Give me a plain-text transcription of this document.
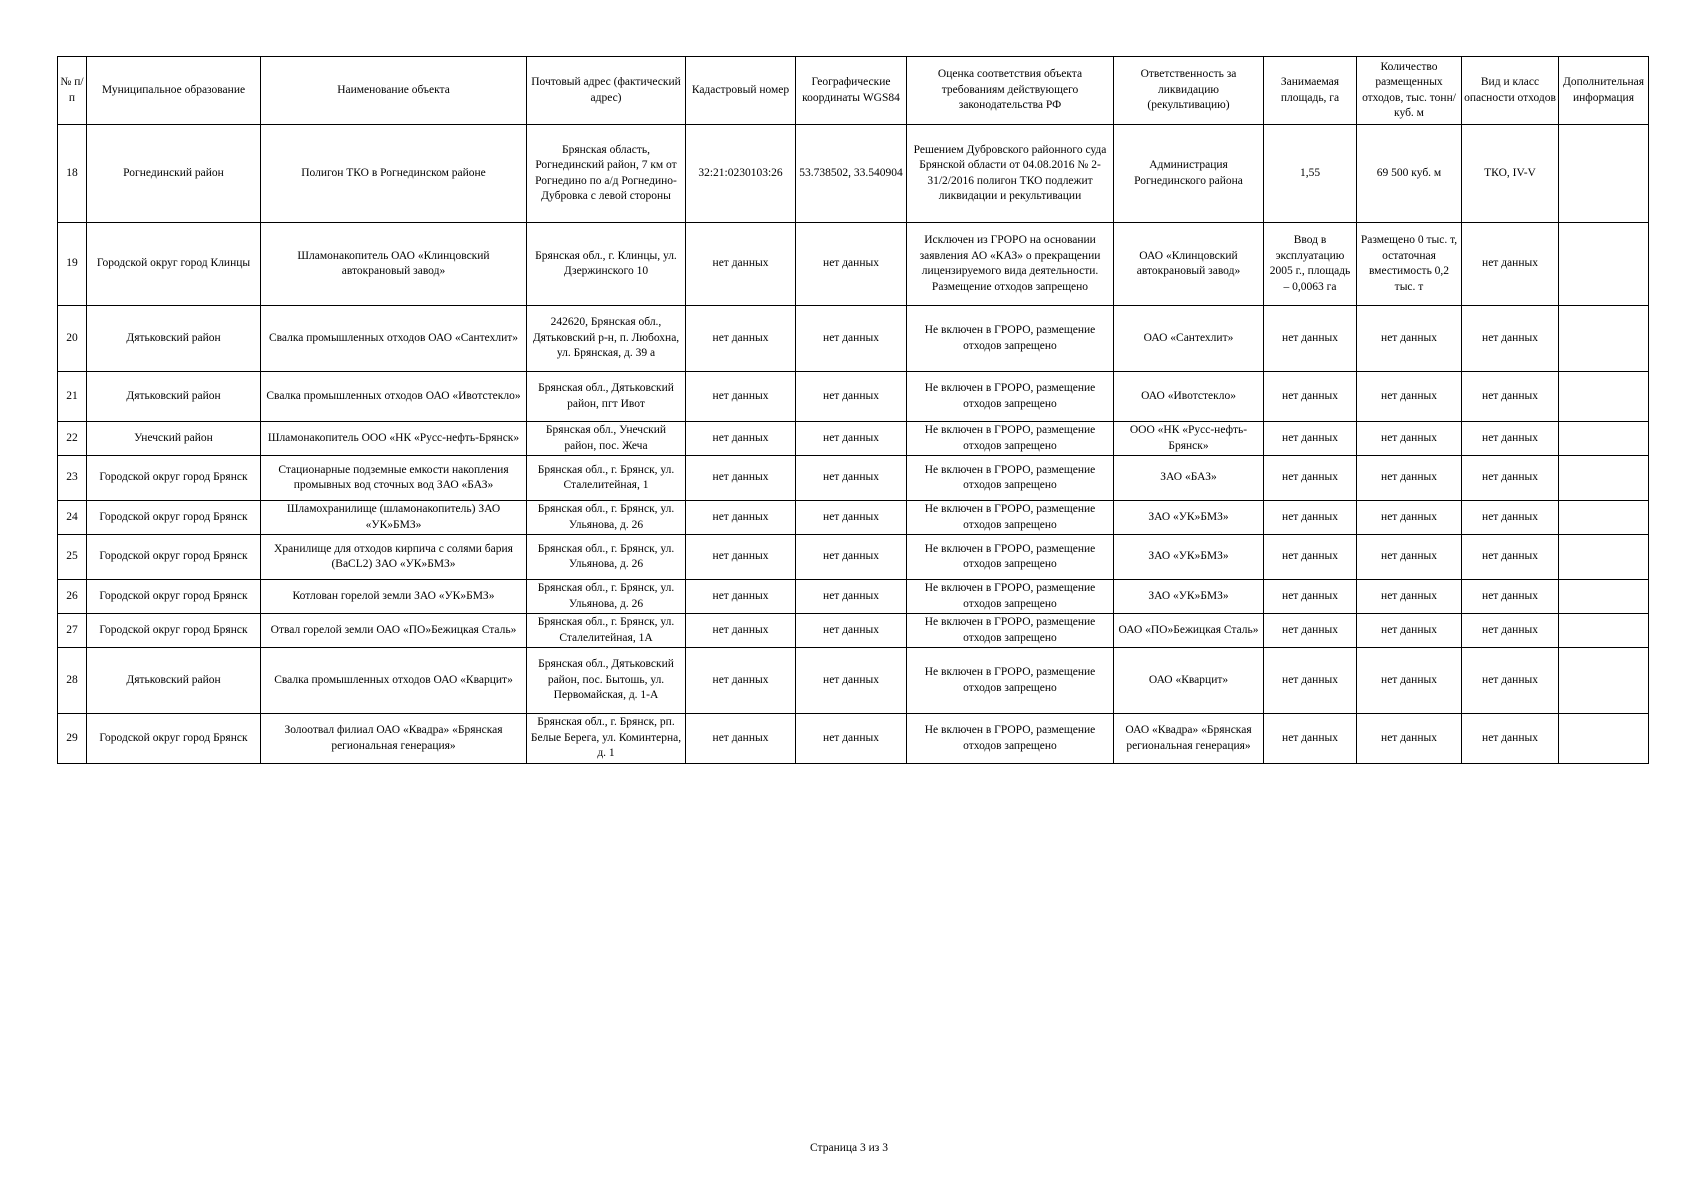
№ п/п	Муниципальное образование	Наименование объекта	Почтовый адрес (фактический адрес)	Кадастровый номер	Географические координаты WGS84	Оценка соответствия объекта требованиям действующего законодательства РФ	Ответственность за ликвидацию (рекультивацию)	Занимаемая площадь, га	Количество размещенных отходов, тыс. тонн/куб. м	Вид и класс опасности отходов	Дополнительная информация
18	Рогнединский район	Полигон ТКО в Рогнединском районе	Брянская область, Рогнединский район, 7 км от Рогнедино по а/д Рогнедино-Дубровка с левой стороны	32:21:0230103:26	53.738502, 33.540904	Решением Дубровского районного суда Брянской области от 04.08.2016 № 2-31/2/2016 полигон ТКО подлежит ликвидации и рекультивации	Администрация Рогнединского района	1,55	69 500 куб. м	ТКО, IV-V	
19	Городской округ город Клинцы	Шламонакопитель ОАО «Клинцовский автокрановый завод»	Брянская обл., г. Клинцы, ул. Дзержинского 10	нет данных	нет данных	Исключен из ГРОРО на основании заявления АО «КАЗ» о прекращении лицензируемого вида деятельности. Размещение отходов запрещено	ОАО «Клинцовский автокрановый завод»	Ввод в эксплуатацию 2005 г., площадь – 0,0063 га	Размещено 0 тыс. т, остаточная вместимость 0,2 тыс. т	нет данных	
20	Дятьковский район	Свалка промышленных отходов ОАО «Сантехлит»	242620, Брянская обл., Дятьковский р-н, п. Любохна, ул. Брянская, д. 39 а	нет данных	нет данных	Не включен в ГРОРО, размещение отходов запрещено	ОАО «Сантехлит»	нет данных	нет данных	нет данных	
21	Дятьковский район	Свалка промышленных отходов ОАО «Ивотстекло»	Брянская обл., Дятьковский район, пгт Ивот	нет данных	нет данных	Не включен в ГРОРО, размещение отходов запрещено	ОАО «Ивотстекло»	нет данных	нет данных	нет данных	
22	Унечский район	Шламонакопитель ООО «НК «Русс-нефть-Брянск»	Брянская обл., Унечский район, пос. Жеча	нет данных	нет данных	Не включен в ГРОРО, размещение отходов запрещено	ООО «НК «Русс-нефть-Брянск»	нет данных	нет данных	нет данных	
23	Городской округ город Брянск	Стационарные подземные емкости накопления промывных вод сточных вод ЗАО «БАЗ»	Брянская обл., г. Брянск, ул. Сталелитейная, 1	нет данных	нет данных	Не включен в ГРОРО, размещение отходов запрещено	ЗАО «БАЗ»	нет данных	нет данных	нет данных	
24	Городской округ город Брянск	Шламохранилище (шламонакопитель) ЗАО «УК»БМЗ»	Брянская обл., г. Брянск, ул. Ульянова, д. 26	нет данных	нет данных	Не включен в ГРОРО, размещение отходов запрещено	ЗАО «УК»БМЗ»	нет данных	нет данных	нет данных	
25	Городской округ город Брянск	Хранилище для отходов кирпича с солями бария (BaCL2) ЗАО «УК»БМЗ»	Брянская обл., г. Брянск, ул. Ульянова, д. 26	нет данных	нет данных	Не включен в ГРОРО, размещение отходов запрещено	ЗАО «УК»БМЗ»	нет данных	нет данных	нет данных	
26	Городской округ город Брянск	Котлован горелой земли ЗАО «УК»БМЗ»	Брянская обл., г. Брянск, ул. Ульянова, д. 26	нет данных	нет данных	Не включен в ГРОРО, размещение отходов запрещено	ЗАО «УК»БМЗ»	нет данных	нет данных	нет данных	
27	Городской округ город Брянск	Отвал горелой земли ОАО «ПО»Бежицкая Сталь»	Брянская обл., г. Брянск, ул. Сталелитейная, 1А	нет данных	нет данных	Не включен в ГРОРО, размещение отходов запрещено	ОАО «ПО»Бежицкая Сталь»	нет данных	нет данных	нет данных	
28	Дятьковский район	Свалка промышленных отходов ОАО «Кварцит»	Брянская обл., Дятьковский район, пос. Бытошь, ул. Первомайская, д. 1-А	нет данных	нет данных	Не включен в ГРОРО, размещение отходов запрещено	ОАО «Кварцит»	нет данных	нет данных	нет данных	
29	Городской округ город Брянск	Золоотвал филиал ОАО «Квадра» «Брянская региональная генерация»	Брянская обл., г. Брянск, рп. Белые Берега, ул. Коминтерна, д. 1	нет данных	нет данных	Не включен в ГРОРО, размещение отходов запрещено	ОАО «Квадра» «Брянская региональная генерация»	нет данных	нет данных	нет данных	
Страница 3 из 3
